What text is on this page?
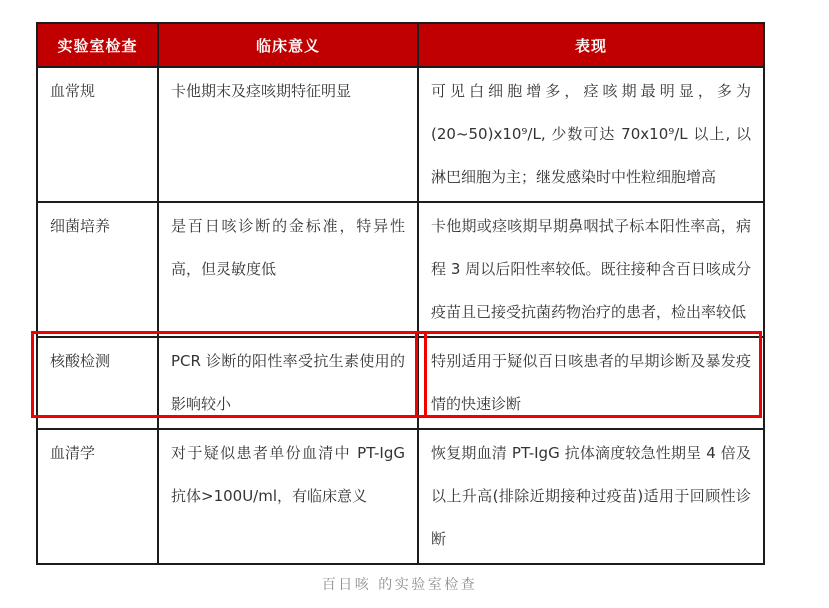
实验室检查	临床意义	表现
血常规	卡他期末及痉咳期特征明显	可见白细胞增多，痉咳期最明显，多为 (20~50)x10⁹/L, 少数可达 70x10⁹/L 以上, 以淋巴细胞为主；继发感染时中性粒细胞增高
细菌培养	是百日咳诊断的金标准，特异性高，但灵敏度低	卡他期或痉咳期早期鼻咽拭子标本阳性率高，病程 3 周以后阳性率较低。既往接种含百日咳成分疫苗且已接受抗菌药物治疗的患者，检出率较低
核酸检测	PCR 诊断的阳性率受抗生素使用的影响较小	特别适用于疑似百日咳患者的早期诊断及暴发疫情的快速诊断
血清学	对于疑似患者单份血清中 PT-IgG 抗体>100U/ml，有临床意义	恢复期血清 PT-IgG 抗体滴度较急性期呈 4 倍及以上升高(排除近期接种过疫苗)适用于回顾性诊断
百日咳 的实验室检查
